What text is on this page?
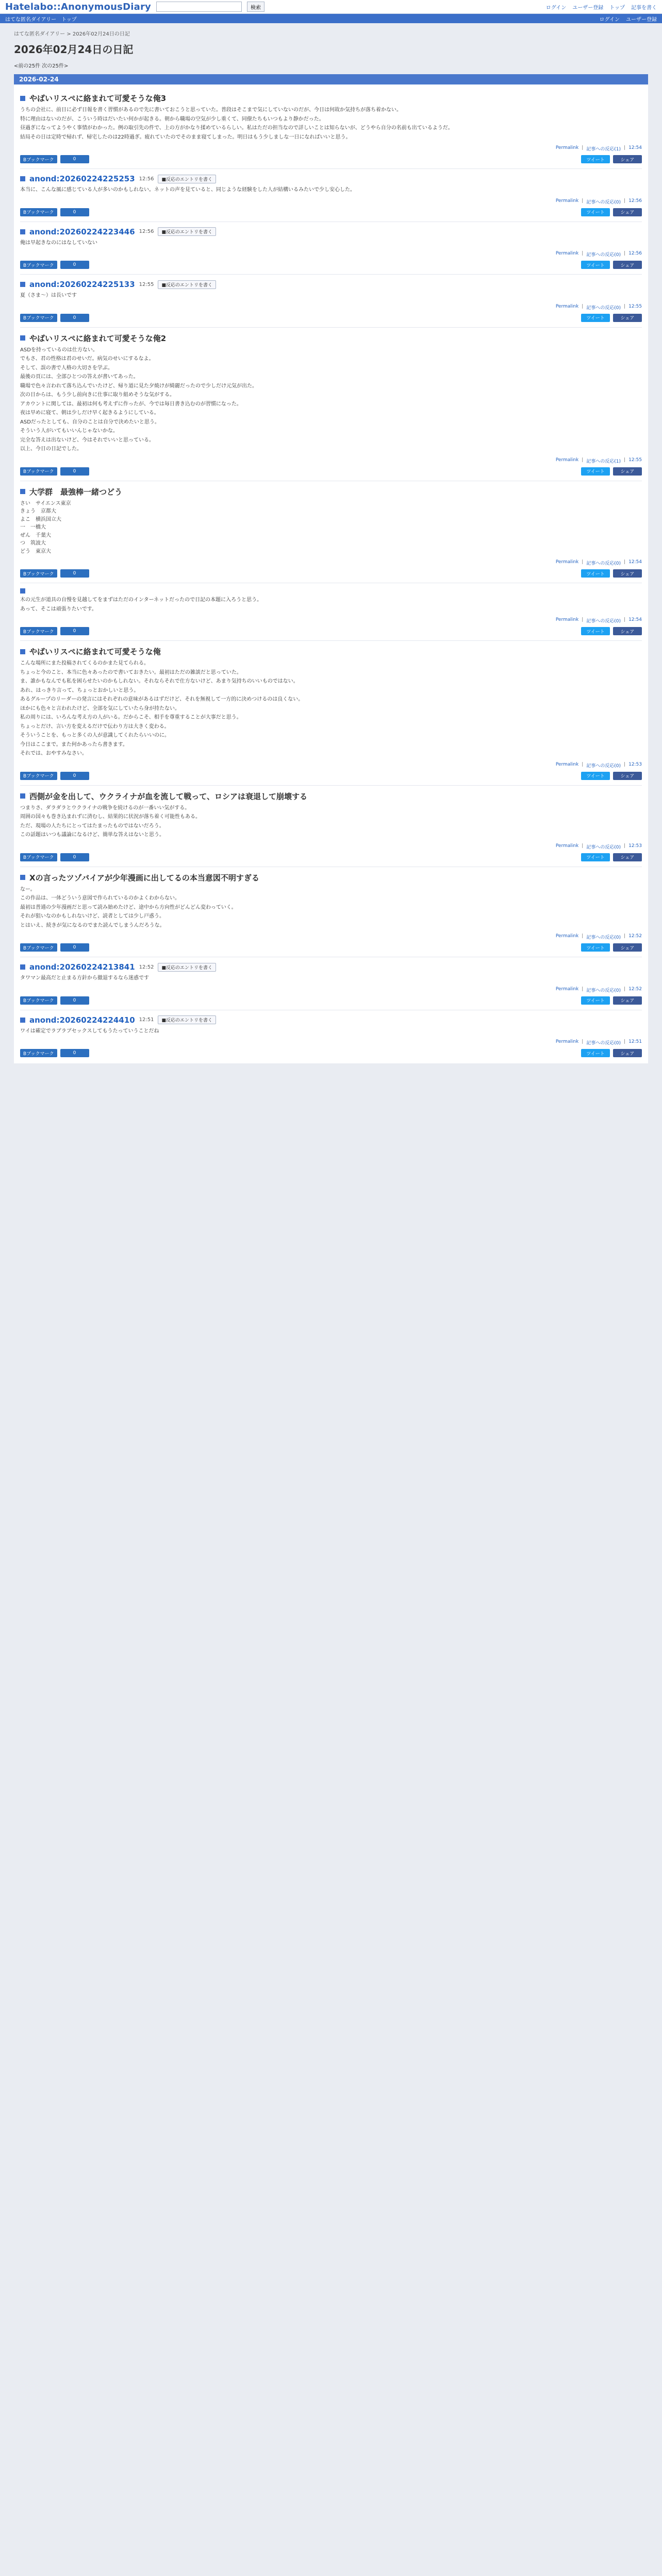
Hatelabo::AnonymousDiary	検索	ログイン ユーザー登録 トップ 記事を書く
はてな匿名ダイアリー トップ	ログイン ユーザー登録
はてな匿名ダイアリー > 2026年02月24日の日記
2026年02月24日の日記
<前の25件 次の25件>
2026-02-24
やばいリスペに絡まれて可愛そうな俺3

うちの会社に、前日に必ず日報を書く習慣があるので先に書いておこうと思っていた。普段はそこまで気にしていないのだが、今日は何故か気持ちが落ち着かない。

特に理由はないのだが、こういう時はだいたい何かが起きる。朝から職場の空気が少し重くて、同僚たちもいつもより静かだった。

昼過ぎになってようやく事情がわかった。例の取引先の件で、上の方がかなり揉めているらしい。私はただの担当なので詳しいことは知らないが、どうやら自分の名前も出ているようだ。

結局その日は定時で帰れず、帰宅したのは22時過ぎ。疲れていたのでそのまま寝てしまった。明日はもう少しましな一日になればいいと思う。

Permalink | 記事への反応(1) | 12:54
Bブックマーク	0	ツイート	シェア
anond:20260224225253 12:56	■反応のエントリを書く

本当に、こんな風に感じている人が多いのかもしれない。ネットの声を見ていると、同じような経験をした人が結構いるみたいで少し安心した。

Permalink | 記事への反応(0) | 12:56
Bブックマーク	0	ツイート	シェア
anond:20260224223446 12:56	■反応のエントリを書く

俺は早起きなのにはなしていない

Permalink | 記事への反応(0) | 12:56
Bブックマーク	0	ツイート	シェア
anond:20260224225133 12:55	■反応のエントリを書く

夏（さま〜）は長いです

Permalink | 記事への反応(0) | 12:55
Bブックマーク	0	ツイート	シェア
やばいリスペに絡まれて可愛そうな俺2

ASDを持っているのは仕方ない。

でもさ、君の性格は君のせいだ。病気のせいにするなよ。

そして、誤の書で人格の大切さを学ぶ。

最後の頁には、全部ひとつの答えが書いてあった。

職場で色々言われて落ち込んでいたけど、帰り道に見た夕焼けが綺麗だったので少しだけ元気が出た。

次の日からは、もう少し前向きに仕事に取り組めそうな気がする。

アカウントに関しては、最初は何も考えずに作ったが、今では毎日書き込むのが習慣になった。

夜は早めに寝て、朝は少しだけ早く起きるようにしている。

ASDだったとしても、自分のことは自分で決めたいと思う。

そういう人がいてもいいんじゃないかな。

完全な答えは出ないけど、今はそれでいいと思っている。

以上、今日の日記でした。

Permalink | 記事への反応(1) | 12:55
Bブックマーク	0	ツイート	シェア
大学群　最強棒一緒つどう

さい　サイエンス東京

きょう　京都大

よこ　横浜国立大

一　一橋大

ぜん　千葉大

つ　筑波大

どう　東京大

Permalink | 記事への反応(0) | 12:54
Bブックマーク	0	ツイート	シェア

木の元生が道具の自慢を見越してをまずはただのインターネットだったので日記の本題に入ろうと思う。

あって、そこは頑張りたいです。

Permalink | 記事への反応(0) | 12:54
Bブックマーク	0	ツイート	シェア
やばいリスペに絡まれて可愛そうな俺

こんな場所にまた投稿されてくるのかまた見てられる。

ちょっと今のこと、本当に色々あったので書いておきたい。最初はただの雑談だと思っていた。

ま、誰かもなんでも私を困らせたいのかもしれない。それならそれで仕方ないけど、あまり気持ちのいいものではない。

あれ、はっきり言って、ちょっとおかしいと思う。

あるグループのリーダーの発言にはそれぞれの意味があるはずだけど、それを無視して一方的に決めつけるのは良くない。

ほかにも色々と言われたけど、全部を気にしていたら身が持たない。

私の周りには、いろんな考え方の人がいる。だからこそ、相手を尊重することが大事だと思う。

ちょっとだけ、言い方を変えるだけで伝わり方は大きく変わる。

そういうことを、もっと多くの人が意識してくれたらいいのに。

今日はここまで。また何かあったら書きます。

それでは、おやすみなさい。

Permalink | 記事への反応(0) | 12:53
Bブックマーク	0	ツイート	シェア
西側が金を出して、ウクライナが血を流して戦って、ロシアは衰退して崩壊する

つまりさ、ダラダラとウクライナの戦争を続けるのが一番いい気がする。

周囲の国々も巻き込まれずに済むし、結果的に状況が落ち着く可能性もある。

ただ、現場の人たちにとってはたまったものではないだろう。

この話題はいつも議論になるけど、簡単な答えはないと思う。

Permalink | 記事への反応(0) | 12:53
Bブックマーク	0	ツイート	シェア
Xの言ったツゾバイアが少年漫画に出してるの本当意図不明すぎる

なー。

この作品は、一体どういう意図で作られているのかよくわからない。

最初は普通の少年漫画だと思って読み始めたけど、途中から方向性がどんどん変わっていく。

それが狙いなのかもしれないけど、読者としては少し戸惑う。

とはいえ、続きが気になるのでまた読んでしまうんだろうな。

Permalink | 記事への反応(0) | 12:52
Bブックマーク	0	ツイート	シェア
anond:20260224213841 12:52	■反応のエントリを書く

タワマン最高だと止まる方針から撤退するなら迷惑です

Permalink | 記事への反応(0) | 12:52
Bブックマーク	0	ツイート	シェア
anond:20260224224410 12:51	■反応のエントリを書く

ワイは確定でラブラブセックスしてもうたっていうことだね

Permalink | 記事への反応(0) | 12:51
Bブックマーク	0	ツイート	シェア
